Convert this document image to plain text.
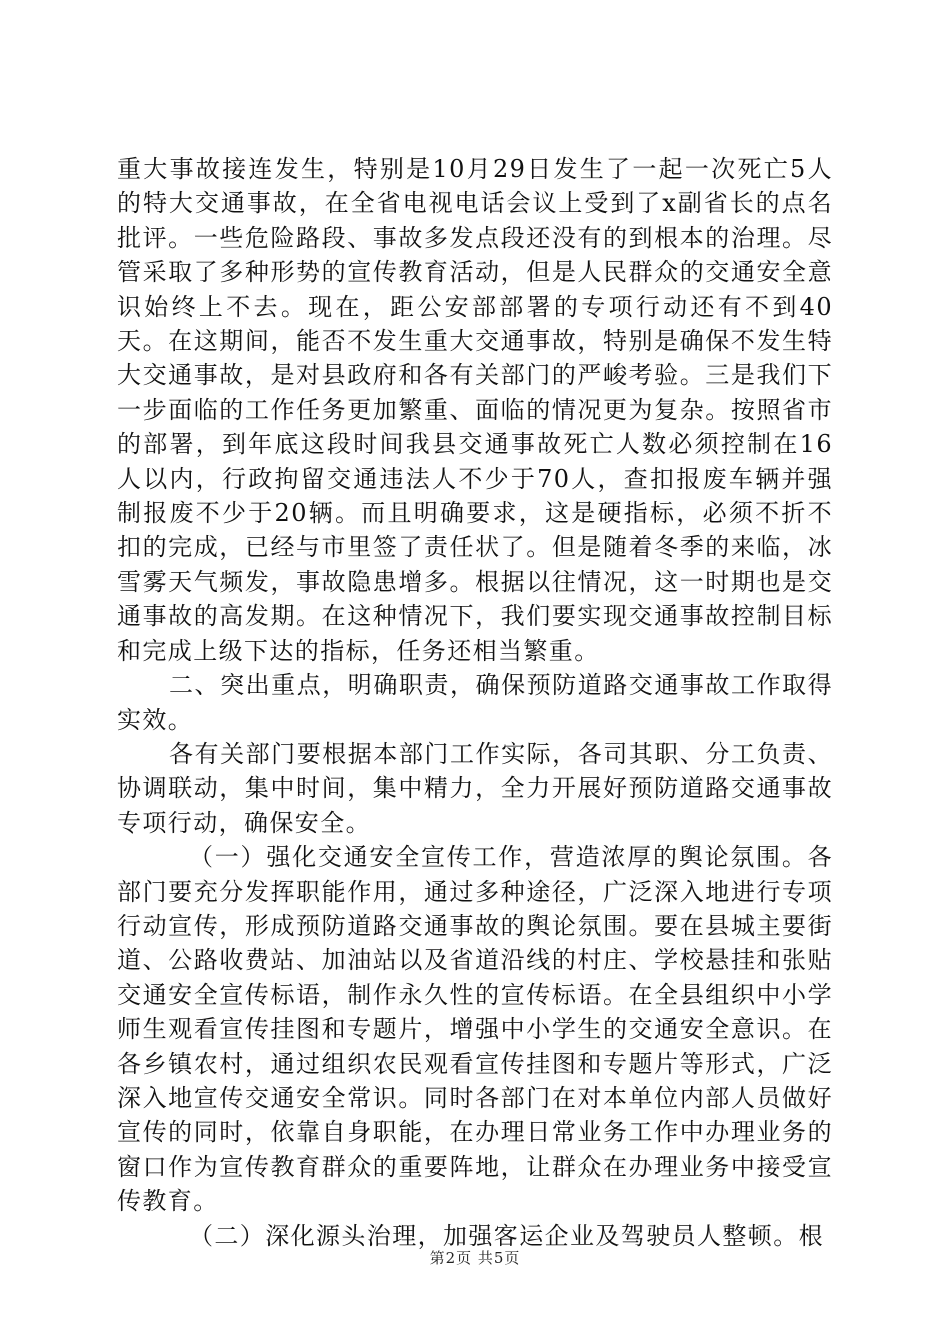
重大事故接连发生，特别是10月29日发生了一起一次死亡5人的特大交通事故，在全省电视电话会议上受到了x副省长的点名批评。一些危险路段、事故多发点段还没有的到根本的治理。尽管采取了多种形势的宣传教育活动，但是人民群众的交通安全意识始终上不去。现在，距公安部部署的专项行动还有不到40天。在这期间，能否不发生重大交通事故，特别是确保不发生特大交通事故，是对县政府和各有关部门的严峻考验。三是我们下一步面临的工作任务更加繁重、面临的情况更为复杂。按照省市的部署，到年底这段时间我县交通事故死亡人数必须控制在16人以内，行政拘留交通违法人不少于70人，查扣报废车辆并强制报废不少于20辆。而且明确要求，这是硬指标，必须不折不扣的完成，已经与市里签了责任状了。但是随着冬季的来临，冰雪雾天气频发，事故隐患增多。根据以往情况，这一时期也是交通事故的高发期。在这种情况下，我们要实现交通事故控制目标和完成上级下达的指标，任务还相当繁重。

二、突出重点，明确职责，确保预防道路交通事故工作取得实效。

各有关部门要根据本部门工作实际，各司其职、分工负责、协调联动，集中时间，集中精力，全力开展好预防道路交通事故专项行动，确保安全。

（一）强化交通安全宣传工作，营造浓厚的舆论氛围。各部门要充分发挥职能作用，通过多种途径，广泛深入地进行专项行动宣传，形成预防道路交通事故的舆论氛围。要在县城主要街道、公路收费站、加油站以及省道沿线的村庄、学校悬挂和张贴交通安全宣传标语，制作永久性的宣传标语。在全县组织中小学师生观看宣传挂图和专题片，增强中小学生的交通安全意识。在各乡镇农村，通过组织农民观看宣传挂图和专题片等形式，广泛深入地宣传交通安全常识。同时各部门在对本单位内部人员做好宣传的同时，依靠自身职能，在办理日常业务工作中办理业务的窗口作为宣传教育群众的重要阵地，让群众在办理业务中接受宣传教育。

（二）深化源头治理，加强客运企业及驾驶员人整顿。根

第2页 共5页
